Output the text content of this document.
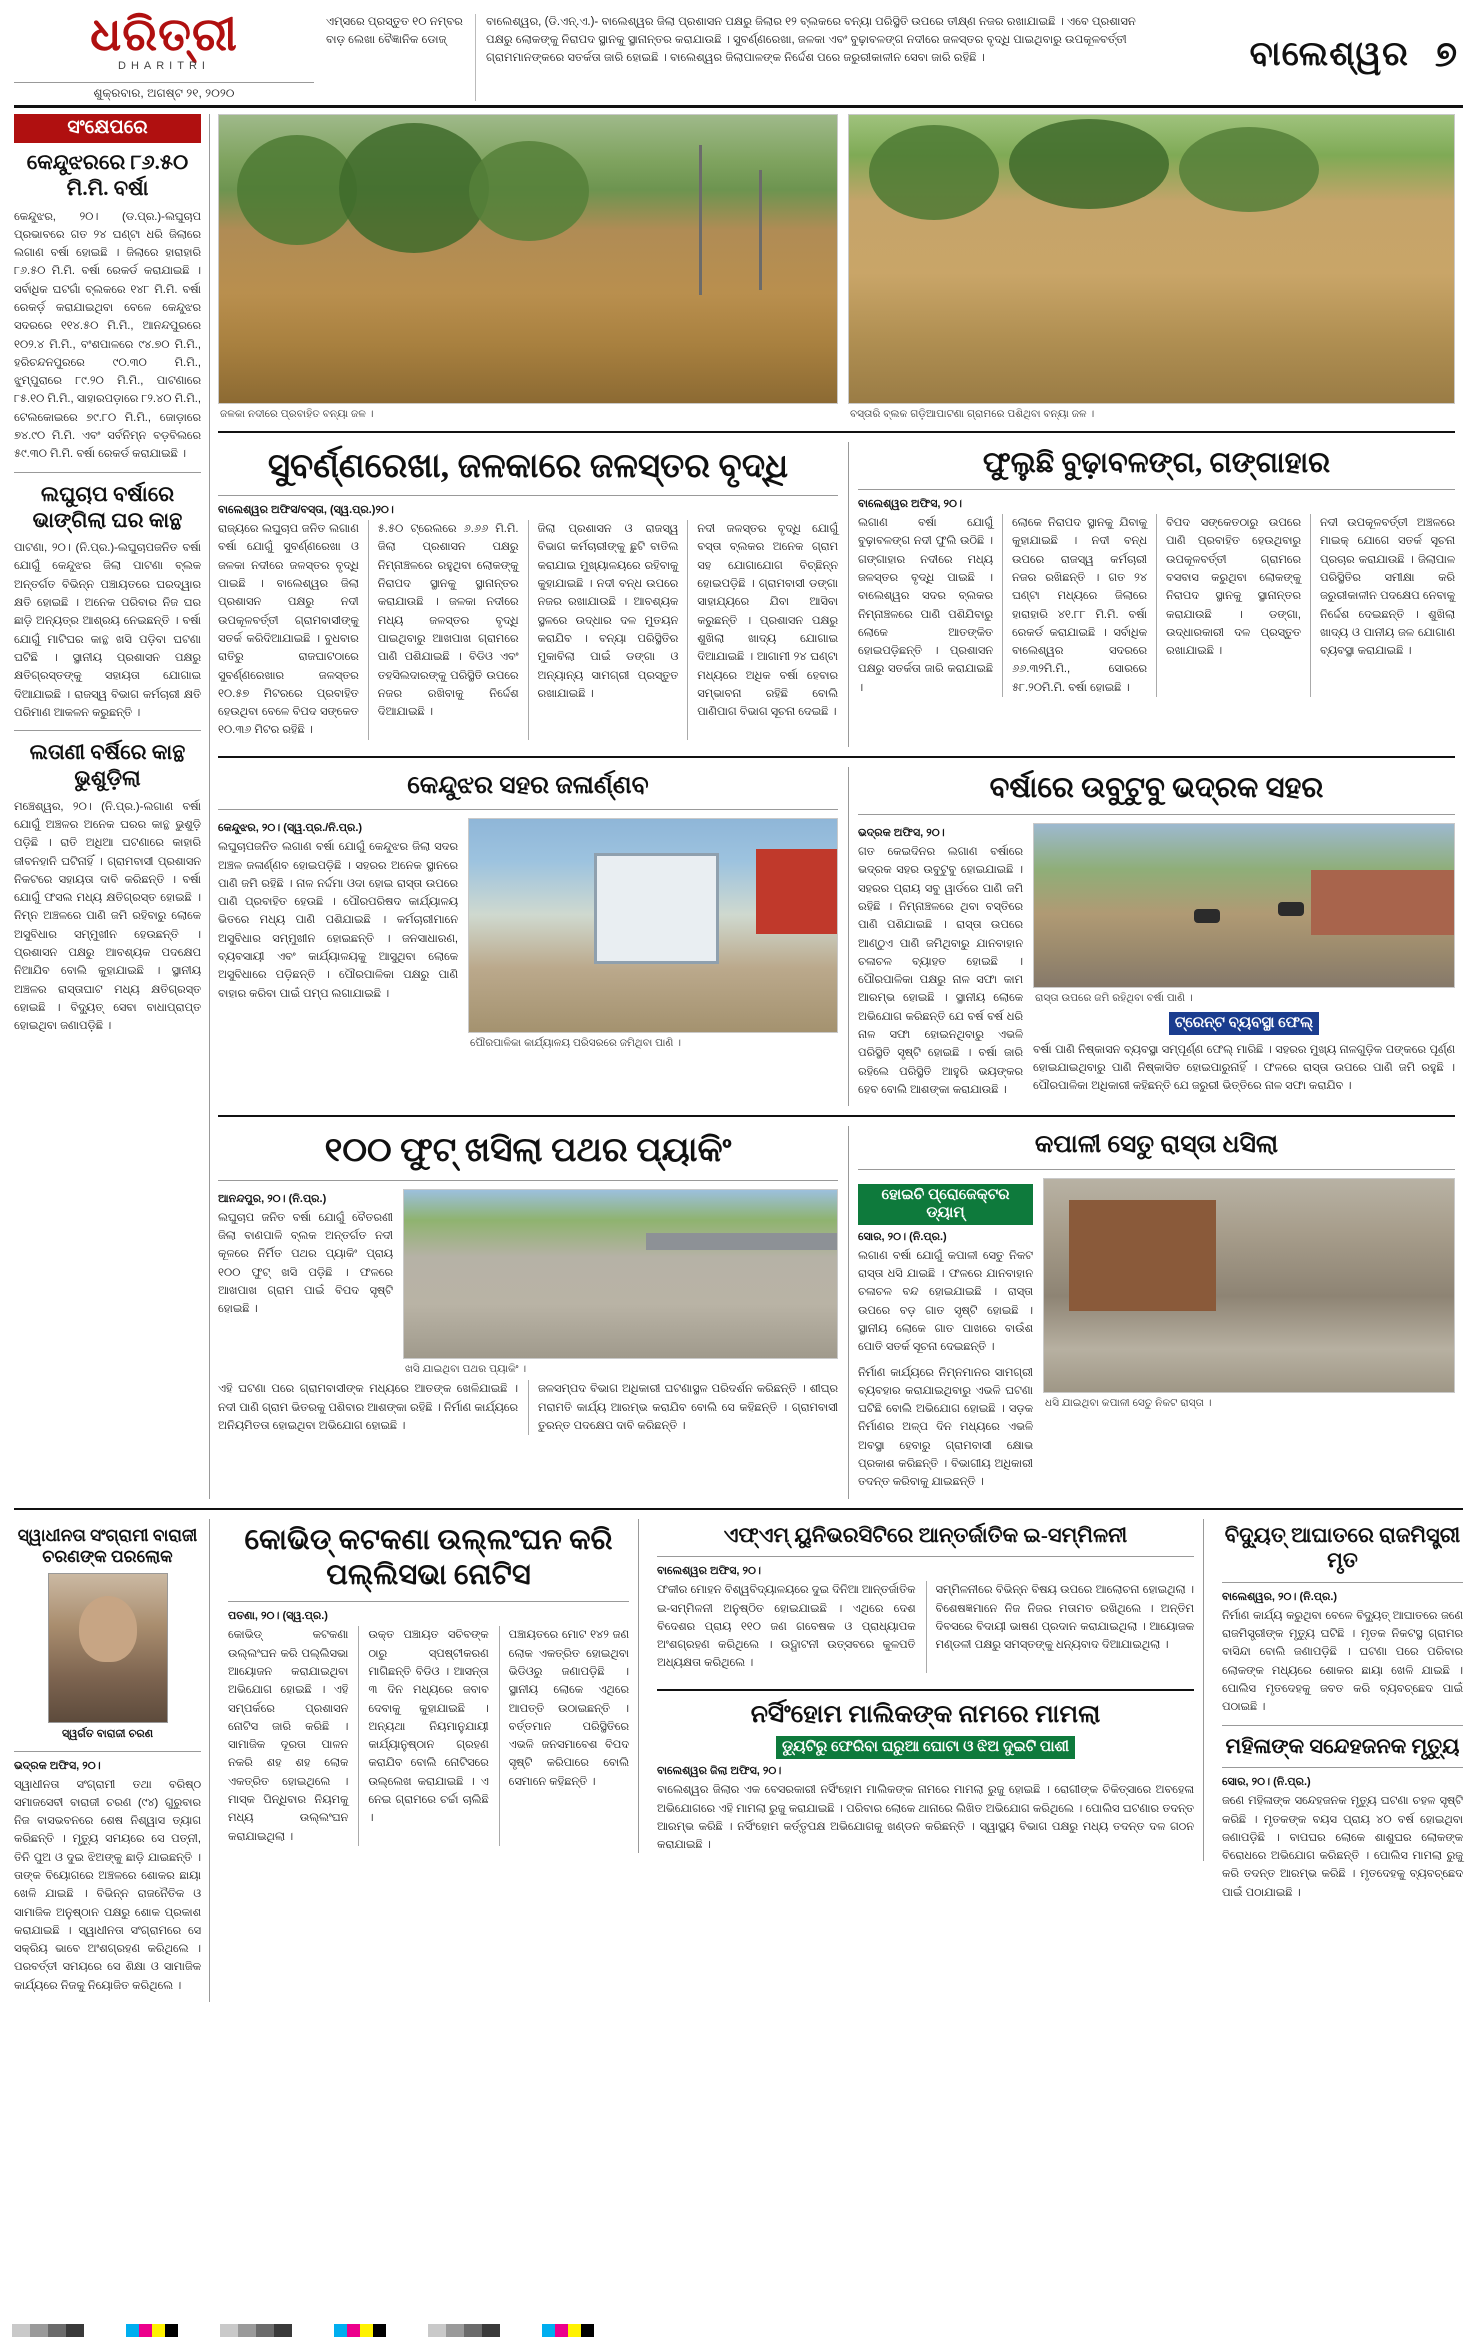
ଧରିତ୍ରୀ
DHARITRI
ଶୁକ୍ରବାର, ଅଗଷ୍ଟ ୨୧, ୨୦୨୦
ଏମ୍ସରେ ପ୍ରସ୍ତୁତ ୧୦ ନମ୍ବର ବାଡ଼ ଲେଖା ବୈଜ୍ଞାନିକ ଡୋଜ୍
ବାଲେଶ୍ୱର, (ଡି.ଏନ୍.ଏ.)- ବାଲେଶ୍ୱର ଜିଲା ପ୍ରଶାସନ ପକ୍ଷରୁ ଜିଲାର ୧୨ ବ୍ଲକରେ ବନ୍ୟା ପରିସ୍ଥିତି ଉପରେ ତୀକ୍ଷ୍ଣ ନଜର ରଖାଯାଇଛି । ଏବେ ପ୍ରଶାସନ ପକ୍ଷରୁ ଲୋକଙ୍କୁ ନିରାପଦ ସ୍ଥାନକୁ ସ୍ଥାନାନ୍ତର କରାଯାଉଛି । ସୁବର୍ଣ୍ଣରେଖା, ଜଳକା ଏବଂ ବୁଢ଼ାବଳଙ୍ଗ ନଦୀରେ ଜଳସ୍ତର ବୃଦ୍ଧି ପାଇଥିବାରୁ ଉପକୂଳବର୍ତ୍ତୀ ଗ୍ରାମମାନଙ୍କରେ ସତର୍କତା ଜାରି ହୋଇଛି । ବାଲେଶ୍ୱର ଜିଲାପାଳଙ୍କ ନିର୍ଦ୍ଦେଶ ପରେ ଜରୁରୀକାଳୀନ ସେବା ଜାରି ରହିଛି ।	ବାଲେଶ୍ୱର ୭
ସଂକ୍ଷେପରେ
କେନ୍ଦୁଝରରେ ୮୬.୫୦ ମି.ମି. ବର୍ଷା

କେନ୍ଦୁଝର, ୨୦। (ଡ.ପ୍ର.)-ଲଘୁଚାପ ପ୍ରଭାବରେ ଗତ ୨୪ ଘଣ୍ଟା ଧରି ଜିଲାରେ ଲଗାଣ ବର୍ଷା ହୋଇଛି । ଜିଲାରେ ହାରାହାରି ୮୬.୫୦ ମି.ମି. ବର୍ଷା ରେକର୍ଡ କରାଯାଇଛି । ସର୍ବାଧିକ ଘଟଗାଁ ବ୍ଲକରେ ୧୪୮ ମି.ମି. ବର୍ଷା ରେକର୍ଡ଼ କରାଯାଇଥିବା ବେଳେ କେନ୍ଦୁଝର ସଦରରେ ୧୧୪.୫୦ ମି.ମି., ଆନନ୍ଦପୁରରେ ୧୦୨.୪ ମି.ମି., ବଂଶପାଳରେ ୯୪.୭୦ ମି.ମି., ହରିଚନ୍ଦନପୁରରେ ୯୦.୩୦ ମି.ମି., ଝୁମ୍ପୁରାରେ ୮୯.୨୦ ମି.ମି., ପାଟଣାରେ ୮୫.୧୦ ମି.ମି., ସାହାରପଡ଼ାରେ ୮୨.୪୦ ମି.ମି., ଟେଲକୋଇରେ ୭୯.୮୦ ମି.ମି., ଜୋଡ଼ାରେ ୭୪.୯୦ ମି.ମି. ଏବଂ ସର୍ବନିମ୍ନ ବଡ଼ବିଲରେ ୫୯.୩୦ ମି.ମି. ବର୍ଷା ରେକର୍ଡ କରାଯାଇଛି ।

ଲଘୁଚାପ ବର୍ଷାରେ ଭାଙ୍ଗିଲା ଘର କାନ୍ଥ

ପାଟଣା, ୨୦। (ନି.ପ୍ର.)-ଲଘୁଚାପଜନିତ ବର୍ଷା ଯୋଗୁଁ କେନ୍ଦୁଝର ଜିଲା ପାଟଣା ବ୍ଲକ ଅନ୍ତର୍ଗତ ବିଭିନ୍ନ ପଞ୍ଚାୟତରେ ଘରଦ୍ୱାର କ୍ଷତି ହୋଇଛି । ଅନେକ ପରିବାର ନିଜ ଘର ଛାଡ଼ି ଅନ୍ୟତ୍ର ଆଶ୍ରୟ ନେଇଛନ୍ତି । ବର୍ଷା ଯୋଗୁଁ ମାଟିଘର କାନ୍ଥ ଖସି ପଡ଼ିବା ଘଟଣା ଘଟିଛି । ସ୍ଥାନୀୟ ପ୍ରଶାସନ ପକ୍ଷରୁ କ୍ଷତିଗ୍ରସ୍ତଙ୍କୁ ସହାୟତା ଯୋଗାଇ ଦିଆଯାଇଛି । ରାଜସ୍ୱ ବିଭାଗ କର୍ମଚାରୀ କ୍ଷତି ପରିମାଣ ଆକଳନ କରୁଛନ୍ତି ।

ଲତାଣୀ ବର୍ଷିରେ କାନ୍ଥ ଭୁଶୁଡ଼ିଲା

ମଞ୍ଚେଶ୍ୱର, ୨୦। (ନି.ପ୍ର.)-ଲଗାଣ ବର୍ଷା ଯୋଗୁଁ ଅଞ୍ଚଳର ଅନେକ ଘରର କାନ୍ଥ ଭୁଶୁଡ଼ି ପଡ଼ିଛି । ରାତି ଅଧିଆ ଘଟଣାରେ କାହାରି ଜୀବନହାନି ଘଟିନାହିଁ । ଗ୍ରାମବାସୀ ପ୍ରଶାସନ ନିକଟରେ ସହାୟତା ଦାବି କରିଛନ୍ତି । ବର୍ଷା ଯୋଗୁଁ ଫସଲ ମଧ୍ୟ କ୍ଷତିଗ୍ରସ୍ତ ହୋଇଛି । ନିମ୍ନ ଅଞ୍ଚଳରେ ପାଣି ଜମି ରହିବାରୁ ଲୋକେ ଅସୁବିଧାର ସମ୍ମୁଖୀନ ହେଉଛନ୍ତି । ପ୍ରଶାସନ ପକ୍ଷରୁ ଆବଶ୍ୟକ ପଦକ୍ଷେପ ନିଆଯିବ ବୋଲି କୁହାଯାଇଛି । ସ୍ଥାନୀୟ ଅଞ୍ଚଳର ରାସ୍ତାଘାଟ ମଧ୍ୟ କ୍ଷତିଗ୍ରସ୍ତ ହୋଇଛି । ବିଦ୍ୟୁତ୍ ସେବା ବାଧାପ୍ରାପ୍ତ ହୋଇଥିବା ଜଣାପଡ଼ିଛି ।

ଜଳକା ନଦୀରେ ପ୍ରବାହିତ ବନ୍ୟା ଜଳ ।	ବସ୍ତାରି ବ୍ଲକ ଗଡ଼ିଆପାଟଣା ଗ୍ରାମରେ ପଶିଥିବା ବନ୍ୟା ଜଳ ।
ସୁବର୍ଣ୍ଣରେଖା, ଜଳକାରେ ଜଳସ୍ତର ବୃଦ୍ଧି
ବାଲେଶ୍ୱର ଅଫିସ/ବସ୍ତା, (ସ୍ୱ.ପ୍ର.)୨୦।

ରାଜ୍ୟରେ ଲଘୁଚାପ ଜନିତ ଲଗାଣ ବର୍ଷା ଯୋଗୁଁ ସୁବର୍ଣ୍ଣରେଖା ଓ ଜଳକା ନଦୀରେ ଜଳସ୍ତର ବୃଦ୍ଧି ପାଇଛି । ବାଲେଶ୍ୱର ଜିଲା ପ୍ରଶାସନ ପକ୍ଷରୁ ନଦୀ ଉପକୂଳବର୍ତ୍ତୀ ଗ୍ରାମବାସୀଙ୍କୁ ସତର୍କ କରିଦିଆଯାଇଛି । ବୁଧବାର ରାତିରୁ ରାଜଘାଟଠାରେ ସୁବର୍ଣ୍ଣରେଖାର ଜଳସ୍ତର ୧୦.୫୭ ମିଟରରେ ପ୍ରବାହିତ ହେଉଥିବା ବେଳେ ବିପଦ ସଙ୍କେତ ୧୦.୩୬ ମିଟର ରହିଛି ।

୫.୫୦ ଟ୍ରେଲରେ ୬.୬୬ ମି.ମି. ଜିଲା ପ୍ରଶାସନ ପକ୍ଷରୁ ନିମ୍ନାଞ୍ଚଳରେ ରହୁଥିବା ଲୋକଙ୍କୁ ନିରାପଦ ସ୍ଥାନକୁ ସ୍ଥାନାନ୍ତର କରାଯାଉଛି । ଜଳକା ନଦୀରେ ମଧ୍ୟ ଜଳସ୍ତର ବୃଦ୍ଧି ପାଇଥିବାରୁ ଆଖପାଖ ଗ୍ରାମରେ ପାଣି ପଶିଯାଇଛି । ବିଡିଓ ଏବଂ ତହସିଲଦାରଙ୍କୁ ପରିସ୍ଥିତି ଉପରେ ନଜର ରଖିବାକୁ ନିର୍ଦ୍ଦେଶ ଦିଆଯାଇଛି ।

ଜିଲା ପ୍ରଶାସନ ଓ ରାଜସ୍ୱ ବିଭାଗ କର୍ମଚାରୀଙ୍କୁ ଛୁଟି ବାତିଲ କରାଯାଇ ମୁଖ୍ୟାଳୟରେ ରହିବାକୁ କୁହାଯାଇଛି । ନଦୀ ବନ୍ଧ ଉପରେ ନଜର ରଖାଯାଉଛି । ଆବଶ୍ୟକ ସ୍ଥଳରେ ଉଦ୍ଧାର ଦଳ ମୁତୟନ କରାଯିବ । ବନ୍ୟା ପରିସ୍ଥିତିର ମୁକାବିଲା ପାଇଁ ଡଙ୍ଗା ଓ ଅନ୍ୟାନ୍ୟ ସାମଗ୍ରୀ ପ୍ରସ୍ତୁତ ରଖାଯାଇଛି ।

ନଦୀ ଜଳସ୍ତର ବୃଦ୍ଧି ଯୋଗୁଁ ବସ୍ତା ବ୍ଲକର ଅନେକ ଗ୍ରାମ ସହ ଯୋଗାଯୋଗ ବିଚ୍ଛିନ୍ନ ହୋଇପଡ଼ିଛି । ଗ୍ରାମବାସୀ ଡଙ୍ଗା ସାହାଯ୍ୟରେ ଯିବା ଆସିବା କରୁଛନ୍ତି । ପ୍ରଶାସନ ପକ୍ଷରୁ ଶୁଖିଲା ଖାଦ୍ୟ ଯୋଗାଇ ଦିଆଯାଇଛି । ଆଗାମୀ ୨୪ ଘଣ୍ଟା ମଧ୍ୟରେ ଅଧିକ ବର୍ଷା ହେବାର ସମ୍ଭାବନା ରହିଛି ବୋଲି ପାଣିପାଗ ବିଭାଗ ସୂଚନା ଦେଇଛି ।

ଫୁଲୁଛି ବୁଢ଼ାବଳଙ୍ଗ, ଗଙ୍ଗାହାର
ବାଲେଶ୍ୱର ଅଫିସ, ୨୦।

ଲଗାଣ ବର୍ଷା ଯୋଗୁଁ ବୁଢ଼ାବଳଙ୍ଗ ନଦୀ ଫୁଲି ଉଠିଛି । ଗଙ୍ଗାହାର ନଦୀରେ ମଧ୍ୟ ଜଳସ୍ତର ବୃଦ୍ଧି ପାଇଛି । ବାଲେଶ୍ୱର ସଦର ବ୍ଲକର ନିମ୍ନାଞ୍ଚଳରେ ପାଣି ପଶିଯିବାରୁ ଲୋକେ ଆତଙ୍କିତ ହୋଇପଡ଼ିଛନ୍ତି । ପ୍ରଶାସନ ପକ୍ଷରୁ ସତର୍କତା ଜାରି କରାଯାଇଛି ।

ଲୋକେ ନିରାପଦ ସ୍ଥାନକୁ ଯିବାକୁ କୁହାଯାଇଛି । ନଦୀ ବନ୍ଧ ଉପରେ ରାଜସ୍ୱ କର୍ମଚାରୀ ନଜର ରଖିଛନ୍ତି । ଗତ ୨୪ ଘଣ୍ଟା ମଧ୍ୟରେ ଜିଲାରେ ହାରାହାରି ୪୧.୮୮ ମି.ମି. ବର୍ଷା ରେକର୍ଡ କରାଯାଇଛି । ସର୍ବାଧିକ ବାଲେଶ୍ୱର ସଦରରେ ୬୬.୩୨ମି.ମି., ସୋରରେ ୫୮.୨୦ମି.ମି. ବର୍ଷା ହୋଇଛି ।

ବିପଦ ସଙ୍କେତଠାରୁ ଉପରେ ପାଣି ପ୍ରବାହିତ ହେଉଥିବାରୁ ଉପକୂଳବର୍ତ୍ତୀ ଗ୍ରାମରେ ବସବାସ କରୁଥିବା ଲୋକଙ୍କୁ ନିରାପଦ ସ୍ଥାନକୁ ସ୍ଥାନାନ୍ତର କରାଯାଉଛି । ଡଙ୍ଗା, ଉଦ୍ଧାରକାରୀ ଦଳ ପ୍ରସ୍ତୁତ ରଖାଯାଇଛି ।

ନଦୀ ଉପକୂଳବର୍ତ୍ତୀ ଅଞ୍ଚଳରେ ମାଇକ୍ ଯୋଗେ ସତର୍କ ସୂଚନା ପ୍ରଚାର କରାଯାଉଛି । ଜିଲାପାଳ ପରିସ୍ଥିତିର ସମୀକ୍ଷା କରି ଜରୁରୀକାଳୀନ ପଦକ୍ଷେପ ନେବାକୁ ନିର୍ଦ୍ଦେଶ ଦେଇଛନ୍ତି । ଶୁଖିଲା ଖାଦ୍ୟ ଓ ପାନୀୟ ଜଳ ଯୋଗାଣ ବ୍ୟବସ୍ଥା କରାଯାଇଛି ।

କେନ୍ଦୁଝର ସହର ଜଳାର୍ଣ୍ଣବ
କେନ୍ଦୁଝର, ୨୦। (ସ୍ୱ.ପ୍ର./ନି.ପ୍ର.)

ଲଘୁଚାପଜନିତ ଲଗାଣ ବର୍ଷା ଯୋଗୁଁ କେନ୍ଦୁଝର ଜିଲା ସଦର ଅଞ୍ଚଳ ଜଳାର୍ଣ୍ଣବ ହୋଇପଡ଼ିଛି । ସହରର ଅନେକ ସ୍ଥାନରେ ପାଣି ଜମି ରହିଛି । ନାଳ ନର୍ଦ୍ଦମା ଓଦା ହୋଇ ରାସ୍ତା ଉପରେ ପାଣି ପ୍ରବାହିତ ହେଉଛି । ପୌରପରିଷଦ କାର୍ଯ୍ୟାଳୟ ଭିତରେ ମଧ୍ୟ ପାଣି ପଶିଯାଇଛି । କର୍ମଚାରୀମାନେ ଅସୁବିଧାର ସମ୍ମୁଖୀନ ହୋଇଛନ୍ତି । ଜନସାଧାରଣ, ବ୍ୟବସାୟୀ ଏବଂ କାର୍ଯ୍ୟାଳୟକୁ ଆସୁଥିବା ଲୋକେ ଅସୁବିଧାରେ ପଡ଼ିଛନ୍ତି । ପୌରପାଳିକା ପକ୍ଷରୁ ପାଣି ବାହାର କରିବା ପାଇଁ ପମ୍ପ ଲଗାଯାଇଛି ।

ପୌରପାଳିକା କାର୍ଯ୍ୟାଳୟ ପରିସରରେ ଜମିଥିବା ପାଣି ।
ବର୍ଷାରେ ଉବୁଟୁବୁ ଭଦ୍ରକ ସହର
ଭଦ୍ରକ ଅଫିସ, ୨୦।

ଗତ କେଇଦିନର ଲଗାଣ ବର୍ଷାରେ ଭଦ୍ରକ ସହର ଉବୁଟୁବୁ ହୋଇଯାଇଛି । ସହରର ପ୍ରାୟ ସବୁ ୱାର୍ଡରେ ପାଣି ଜମି ରହିଛି । ନିମ୍ନାଞ୍ଚଳରେ ଥିବା ବସ୍ତିରେ ପାଣି ପଶିଯାଇଛି । ରାସ୍ତା ଉପରେ ଆଣ୍ଠୁଏ ପାଣି ଜମିଥିବାରୁ ଯାନବାହାନ ଚଳାଚଳ ବ୍ୟାହତ ହୋଇଛି । ପୌରପାଳିକା ପକ୍ଷରୁ ନାଳ ସଫା କାମ ଆରମ୍ଭ ହୋଇଛି । ସ୍ଥାନୀୟ ଲୋକେ ଅଭିଯୋଗ କରିଛନ୍ତି ଯେ ବର୍ଷ ବର୍ଷ ଧରି ନାଳ ସଫା ହୋଇନଥିବାରୁ ଏଭଳି ପରିସ୍ଥିତି ସୃଷ୍ଟି ହୋଇଛି । ବର୍ଷା ଜାରି ରହିଲେ ପରିସ୍ଥିତି ଆହୁରି ଭୟଙ୍କର ହେବ ବୋଲି ଆଶଙ୍କା କରାଯାଉଛି ।

ରାସ୍ତା ଉପରେ ଜମି ରହିଥିବା ବର୍ଷା ପାଣି ।
ଟ୍ରେନ୍ଟ ବ୍ୟବସ୍ଥା ଫେଲ୍

ବର୍ଷା ପାଣି ନିଷ୍କାସନ ବ୍ୟବସ୍ଥା ସମ୍ପୂର୍ଣ୍ଣ ଫେଲ୍ ମାରିଛି । ସହରର ମୁଖ୍ୟ ନାଳଗୁଡ଼ିକ ପଙ୍କରେ ପୂର୍ଣ୍ଣ ହୋଇଯାଇଥିବାରୁ ପାଣି ନିଷ୍କାସିତ ହୋଇପାରୁନାହିଁ । ଫଳରେ ରାସ୍ତା ଉପରେ ପାଣି ଜମି ରହୁଛି । ପୌରପାଳିକା ଅଧିକାରୀ କହିଛନ୍ତି ଯେ ଜରୁରୀ ଭିତ୍ତିରେ ନାଳ ସଫା କରାଯିବ ।

୧୦୦ ଫୁଟ୍ ଖସିଲା ପଥର ପ୍ୟାକିଂ
ଆନନ୍ଦପୁର, ୨୦। (ନି.ପ୍ର.)

ଲଘୁଚାପ ଜନିତ ବର୍ଷା ଯୋଗୁଁ ବୈତରଣୀ ଜିଲା ବାଣପାଳି ବ୍ଲକ ଅନ୍ତର୍ଗତ ନଦୀ କୂଳରେ ନିର୍ମିତ ପଥର ପ୍ୟାକିଂ ପ୍ରାୟ ୧୦୦ ଫୁଟ୍ ଖସି ପଡ଼ିଛି । ଫଳରେ ଆଖପାଖ ଗ୍ରାମ ପାଇଁ ବିପଦ ସୃଷ୍ଟି ହୋଇଛି ।

ଖସି ଯାଇଥିବା ପଥର ପ୍ୟାକିଂ ।

ଏହି ଘଟଣା ପରେ ଗ୍ରାମବାସୀଙ୍କ ମଧ୍ୟରେ ଆତଙ୍କ ଖେଳିଯାଇଛି । ନଦୀ ପାଣି ଗ୍ରାମ ଭିତରକୁ ପଶିବାର ଆଶଙ୍କା ରହିଛି । ନିର୍ମାଣ କାର୍ଯ୍ୟରେ ଅନିୟମିତତା ହୋଇଥିବା ଅଭିଯୋଗ ହୋଇଛି ।

ଜଳସମ୍ପଦ ବିଭାଗ ଅଧିକାରୀ ଘଟଣାସ୍ଥଳ ପରିଦର୍ଶନ କରିଛନ୍ତି । ଶୀଘ୍ର ମରାମତି କାର୍ଯ୍ୟ ଆରମ୍ଭ କରାଯିବ ବୋଲି ସେ କହିଛନ୍ତି । ଗ୍ରାମବାସୀ ତୁରନ୍ତ ପଦକ୍ଷେପ ଦାବି କରିଛନ୍ତି ।

କପାଳୀ ସେତୁ ରାସ୍ତା ଧସିଲା
ହୋଇଚି ପ୍ରୋଜେକ୍ଟର ଡ୍ୟାମ୍
ସୋର, ୨୦। (ନି.ପ୍ର.)

ଲଗାଣ ବର୍ଷା ଯୋଗୁଁ କପାଳୀ ସେତୁ ନିକଟ ରାସ୍ତା ଧସି ଯାଇଛି । ଫଳରେ ଯାନବାହାନ ଚଳାଚଳ ବନ୍ଦ ହୋଇଯାଇଛି । ରାସ୍ତା ଉପରେ ବଡ଼ ଗାତ ସୃଷ୍ଟି ହୋଇଛି । ସ୍ଥାନୀୟ ଲୋକେ ଗାତ ପାଖରେ ବାଉଁଶ ପୋତି ସତର୍କ ସୂଚନା ଦେଇଛନ୍ତି ।

ନିର୍ମାଣ କାର୍ଯ୍ୟରେ ନିମ୍ନମାନର ସାମଗ୍ରୀ ବ୍ୟବହାର କରାଯାଇଥିବାରୁ ଏଭଳି ଘଟଣା ଘଟିଛି ବୋଲି ଅଭିଯୋଗ ହୋଇଛି । ସଡ଼କ ନିର୍ମାଣର ଅଳ୍ପ ଦିନ ମଧ୍ୟରେ ଏଭଳି ଅବସ୍ଥା ହେବାରୁ ଗ୍ରାମବାସୀ କ୍ଷୋଭ ପ୍ରକାଶ କରିଛନ୍ତି । ବିଭାଗୀୟ ଅଧିକାରୀ ତଦନ୍ତ କରିବାକୁ ଯାଇଛନ୍ତି ।

ଧସି ଯାଇଥିବା କପାଳୀ ସେତୁ ନିକଟ ରାସ୍ତା ।
ସ୍ୱାଧୀନତା ସଂଗ୍ରାମୀ ବାରାଜୀ ଚରଣଙ୍କ ପରଲୋକ
ସ୍ୱର୍ଗତ ବାରାଜୀ ଚରଣ
ଭଦ୍ରକ ଅଫିସ, ୨୦।

ସ୍ୱାଧୀନତା ସଂଗ୍ରାମୀ ତଥା ବରିଷ୍ଠ ସମାଜସେବୀ ବାରାଜୀ ଚରଣ (୯୪) ଗୁରୁବାର ନିଜ ବାସଭବନରେ ଶେଷ ନିଶ୍ୱାସ ତ୍ୟାଗ କରିଛନ୍ତି । ମୃତ୍ୟୁ ସମୟରେ ସେ ପତ୍ନୀ, ତିନି ପୁଅ ଓ ଦୁଇ ଝିଅଙ୍କୁ ଛାଡ଼ି ଯାଇଛନ୍ତି । ତାଙ୍କ ବିୟୋଗରେ ଅଞ୍ଚଳରେ ଶୋକର ଛାୟା ଖେଳି ଯାଇଛି । ବିଭିନ୍ନ ରାଜନୈତିକ ଓ ସାମାଜିକ ଅନୁଷ୍ଠାନ ପକ୍ଷରୁ ଶୋକ ପ୍ରକାଶ କରାଯାଇଛି । ସ୍ୱାଧୀନତା ସଂଗ୍ରାମରେ ସେ ସକ୍ରିୟ ଭାବେ ଅଂଶଗ୍ରହଣ କରିଥିଲେ । ପରବର୍ତ୍ତୀ ସମୟରେ ସେ ଶିକ୍ଷା ଓ ସାମାଜିକ କାର୍ଯ୍ୟରେ ନିଜକୁ ନିୟୋଜିତ କରିଥିଲେ ।

କୋଭିଡ୍ କଟକଣା ଉଲ୍ଲଂଘନ କରି ପଲ୍ଲିସଭା ନୋଟିସ
ପତଣା, ୨୦। (ସ୍ୱ.ପ୍ର.)

କୋଭିଡ୍ କଟକଣା ଉଲ୍ଲଂଘନ କରି ପଲ୍ଲିସଭା ଆୟୋଜନ କରାଯାଇଥିବା ଅଭିଯୋଗ ହୋଇଛି । ଏହି ସମ୍ପର୍କରେ ପ୍ରଶାସନ ନୋଟିସ ଜାରି କରିଛି । ସାମାଜିକ ଦୂରତା ପାଳନ ନକରି ଶହ ଶହ ଲୋକ ଏକତ୍ରିତ ହୋଇଥିଲେ । ମାସ୍କ ପିନ୍ଧିବାର ନିୟମକୁ ମଧ୍ୟ ଉଲ୍ଲଂଘନ କରାଯାଇଥିଲା ।

ଉକ୍ତ ପଞ୍ଚାୟତ ସଚିବଙ୍କ ଠାରୁ ସ୍ପଷ୍ଟୀକରଣ ମାଗିଛନ୍ତି ବିଡିଓ । ଆସନ୍ତା ୩ ଦିନ ମଧ୍ୟରେ ଜବାବ ଦେବାକୁ କୁହାଯାଇଛି । ଅନ୍ୟଥା ନିୟମାନୁଯାୟୀ କାର୍ଯ୍ୟାନୁଷ୍ଠାନ ଗ୍ରହଣ କରାଯିବ ବୋଲି ନୋଟିସରେ ଉଲ୍ଲେଖ କରାଯାଇଛି । ଏ ନେଇ ଗ୍ରାମରେ ଚର୍ଚ୍ଚା ଚାଲିଛି ।

ପଞ୍ଚାୟତରେ ମୋଟ ୧୪୨ ଜଣ ଲୋକ ଏକତ୍ରିତ ହୋଇଥିବା ଭିଡିଓରୁ ଜଣାପଡ଼ିଛି । ସ୍ଥାନୀୟ ଲୋକେ ଏଥିରେ ଆପତ୍ତି ଉଠାଇଛନ୍ତି । ବର୍ତ୍ତମାନ ପରିସ୍ଥିତିରେ ଏଭଳି ଜନସମାବେଶ ବିପଦ ସୃଷ୍ଟି କରିପାରେ ବୋଲି ସେମାନେ କହିଛନ୍ତି ।

ଏଫ୍ଏମ୍ ୟୁନିଭରସିଟିରେ ଆନ୍ତର୍ଜାତିକ ଇ-ସମ୍ମିଳନୀ
ବାଲେଶ୍ୱର ଅଫିସ, ୨୦।

ଫକୀର ମୋହନ ବିଶ୍ୱବିଦ୍ୟାଳୟରେ ଦୁଇ ଦିନିଆ ଆନ୍ତର୍ଜାତିକ ଇ-ସମ୍ମିଳନୀ ଅନୁଷ୍ଠିତ ହୋଇଯାଇଛି । ଏଥିରେ ଦେଶ ବିଦେଶର ପ୍ରାୟ ୧୧୦ ଜଣ ଗବେଷକ ଓ ପ୍ରାଧ୍ୟାପକ ଅଂଶଗ୍ରହଣ କରିଥିଲେ । ଉଦ୍ଘାଟନୀ ଉତ୍ସବରେ କୁଳପତି ଅଧ୍ୟକ୍ଷତା କରିଥିଲେ ।

ସମ୍ମିଳନୀରେ ବିଭିନ୍ନ ବିଷୟ ଉପରେ ଆଲୋଚନା ହୋଇଥିଲା । ବିଶେଷଜ୍ଞମାନେ ନିଜ ନିଜର ମତାମତ ରଖିଥିଲେ । ଅନ୍ତିମ ଦିବସରେ ବିଦାୟୀ ଭାଷଣ ପ୍ରଦାନ କରାଯାଇଥିଲା । ଆୟୋଜକ ମଣ୍ଡଳୀ ପକ୍ଷରୁ ସମସ୍ତଙ୍କୁ ଧନ୍ୟବାଦ ଦିଆଯାଇଥିଲା ।

ନର୍ସିଂହୋମ ମାଲିକଙ୍କ ନାମରେ ମାମଲା
ଡ୍ୟୁଟିରୁ ଫେରିବା ଘରୁଆ ଘୋଟା ଓ ଝିଅ ଦୁଇଟି ପାଶୀ
ବାଲେଶ୍ୱର ଜିଲା ଅଫିସ, ୨୦।

ବାଲେଶ୍ୱର ଜିଲାର ଏକ ବେସରକାରୀ ନର୍ସିଂହୋମ ମାଲିକଙ୍କ ନାମରେ ମାମଲା ରୁଜୁ ହୋଇଛି । ରୋଗୀଙ୍କ ଚିକିତ୍ସାରେ ଅବହେଳା ଅଭିଯୋଗରେ ଏହି ମାମଲା ରୁଜୁ କରାଯାଇଛି । ପରିବାର ଲୋକେ ଥାନାରେ ଲିଖିତ ଅଭିଯୋଗ କରିଥିଲେ । ପୋଲିସ ଘଟଣାର ତଦନ୍ତ ଆରମ୍ଭ କରିଛି । ନର୍ସିଂହୋମ କର୍ତ୍ତୃପକ୍ଷ ଅଭିଯୋଗକୁ ଖଣ୍ଡନ କରିଛନ୍ତି । ସ୍ୱାସ୍ଥ୍ୟ ବିଭାଗ ପକ୍ଷରୁ ମଧ୍ୟ ତଦନ୍ତ ଦଳ ଗଠନ କରାଯାଇଛି ।

ବିଦ୍ୟୁତ୍ ଆଘାତରେ ରାଜମିସ୍ତ୍ରୀ ମୃତ
ବାଲେଶ୍ୱର, ୨୦। (ନି.ପ୍ର.)

ନିର୍ମାଣ କାର୍ଯ୍ୟ କରୁଥିବା ବେଳେ ବିଦ୍ୟୁତ୍ ଆଘାତରେ ଜଣେ ରାଜମିସ୍ତ୍ରୀଙ୍କ ମୃତ୍ୟୁ ଘଟିଛି । ମୃତକ ନିକଟସ୍ଥ ଗ୍ରାମର ବାସିନ୍ଦା ବୋଲି ଜଣାପଡ଼ିଛି । ଘଟଣା ପରେ ପରିବାର ଲୋକଙ୍କ ମଧ୍ୟରେ ଶୋକର ଛାୟା ଖେଳି ଯାଇଛି । ପୋଲିସ ମୃତଦେହକୁ ଜବତ କରି ବ୍ୟବଚ୍ଛେଦ ପାଇଁ ପଠାଇଛି ।

ମହିଳାଙ୍କ ସନ୍ଦେହଜନକ ମୃତ୍ୟୁ
ସୋର, ୨୦। (ନି.ପ୍ର.)

ଜଣେ ମହିଳାଙ୍କ ସନ୍ଦେହଜନକ ମୃତ୍ୟୁ ଘଟଣା ଚହଳ ସୃଷ୍ଟି କରିଛି । ମୃତକଙ୍କ ବୟସ ପ୍ରାୟ ୪୦ ବର୍ଷ ହୋଇଥିବା ଜଣାପଡ଼ିଛି । ବାପଘର ଲୋକେ ଶାଶୁଘର ଲୋକଙ୍କ ବିରୋଧରେ ଅଭିଯୋଗ କରିଛନ୍ତି । ପୋଲିସ ମାମଲା ରୁଜୁ କରି ତଦନ୍ତ ଆରମ୍ଭ କରିଛି । ମୃତଦେହକୁ ବ୍ୟବଚ୍ଛେଦ ପାଇଁ ପଠାଯାଇଛି ।
